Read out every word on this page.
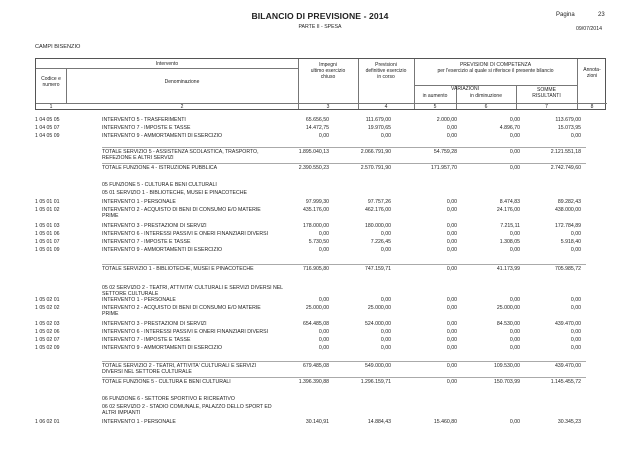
BILANCIO DI PREVISIONE - 2014
PARTE II - SPESA
Pagina	23
09/07/2014
CAMPI BISENZIO
Intervento
Codice e
numero	Denominazione
Impegni
ultimo esercizio
chiuso
Previsioni
definitive esercizio
in corso
PREVISIONI DI COMPETENZA
per l'esercizio al quale si riferisce il presente bilancio
VARIAZIONI
in aumento	in diminuzione
SOMME
RISULTANTI
Annota-
zioni
1	2	3	4	5	6	7	8
1 04 05 05	INTERVENTO 5 - TRASFERIMENTI	65.656,50	111.679,00	2.000,00	0,00	113.679,00
1 04 05 07	INTERVENTO 7 - IMPOSTE E TASSE	14.472,75	19.970,65	0,00	4.896,70	15.073,95
1 04 05 09	INTERVENTO 9 - AMMORTAMENTI DI ESERCIZIO	0,00	0,00	0,00	0,00	0,00
TOTALE SERVIZIO 5 - ASSISTENZA SCOLASTICA, TRASPORTO,
REFEZIONE E ALTRI SERVIZI
1.895.040,13	2.066.791,90	54.759,28	0,00	2.121.551,18
TOTALE FUNZIONE 4 - ISTRUZIONE PUBBLICA	2.390.550,23	2.570.791,90	171.957,70	0,00	2.742.749,60
05 FUNZIONE 5 - CULTURA E BENI CULTURALI
05 01 SERVIZIO 1 - BIBLIOTECHE, MUSEI E PINACOTECHE
1 05 01 01	INTERVENTO 1 - PERSONALE	97.999,30	97.757,26	0,00	8.474,83	89.282,43
1 05 01 02	INTERVENTO 2 - ACQUISTO DI BENI DI CONSUMO E/O MATERIE
PRIME
435.176,00	462.176,00	0,00	24.176,00	438.000,00
1 05 01 03	INTERVENTO 3 - PRESTAZIONI DI SERVIZI	178.000,00	180.000,00	0,00	7.215,11	172.784,89
1 05 01 06	INTERVENTO 6 - INTERESSI PASSIVI E ONERI FINANZIARI DIVERSI	0,00	0,00	0,00	0,00	0,00
1 05 01 07	INTERVENTO 7 - IMPOSTE E TASSE	5.730,50	7.226,45	0,00	1.308,05	5.918,40
1 05 01 09	INTERVENTO 9 - AMMORTAMENTI DI ESERCIZIO	0,00	0,00	0,00	0,00	0,00
TOTALE SERVIZIO 1 - BIBLIOTECHE, MUSEI E PINACOTECHE	716.905,80	747.159,71	0,00	41.173,99	705.985,72
05 02 SERVIZIO 2 - TEATRI, ATTIVITA' CULTURALI E SERVIZI DIVERSI NEL
SETTORE CULTURALE
1 05 02 01	INTERVENTO 1 - PERSONALE	0,00	0,00	0,00	0,00	0,00
1 05 02 02	INTERVENTO 2 - ACQUISTO DI BENI DI CONSUMO E/O MATERIE
PRIME
25.000,00	25.000,00	0,00	25.000,00	0,00
1 05 02 03	INTERVENTO 3 - PRESTAZIONI DI SERVIZI	654.485,08	524.000,00	0,00	84.530,00	439.470,00
1 05 02 06	INTERVENTO 6 - INTERESSI PASSIVI E ONERI FINANZIARI DIVERSI	0,00	0,00	0,00	0,00	0,00
1 05 02 07	INTERVENTO 7 - IMPOSTE E TASSE	0,00	0,00	0,00	0,00	0,00
1 05 02 09	INTERVENTO 9 - AMMORTAMENTI DI ESERCIZIO	0,00	0,00	0,00	0,00	0,00
TOTALE SERVIZIO 2 - TEATRI, ATTIVITA' CULTURALI E SERVIZI
DIVERSI NEL SETTORE CULTURALE
679.485,08	549.000,00	0,00	109.530,00	439.470,00
TOTALE FUNZIONE 5 - CULTURA E BENI CULTURALI	1.396.390,88	1.296.159,71	0,00	150.703,99	1.145.455,72
06 FUNZIONE 6 - SETTORE SPORTIVO E RICREATIVO
06 02 SERVIZIO 2 - STADIO COMUNALE, PALAZZO DELLO SPORT ED
ALTRI IMPIANTI
1 06 02 01	INTERVENTO 1 - PERSONALE	30.140,91	14.884,43	15.460,80	0,00	30.345,23
